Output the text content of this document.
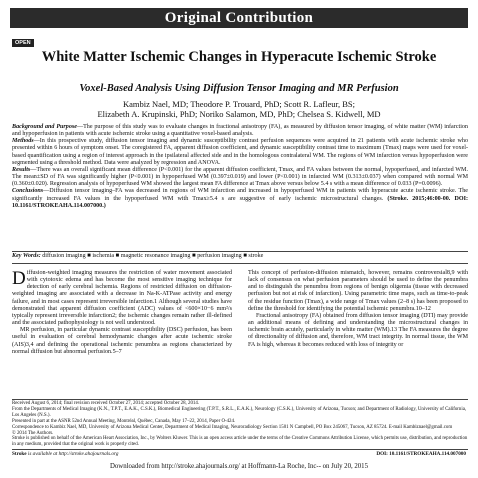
Original Contribution
OPEN
White Matter Ischemic Changes in Hyperacute Ischemic Stroke
Voxel-Based Analysis Using Diffusion Tensor Imaging and MR Perfusion
Kambiz Nael, MD; Theodore P. Trouard, PhD; Scott R. Lafleur, BS;
Elizabeth A. Krupinski, PhD; Noriko Salamon, MD, PhD; Chelsea S. Kidwell, MD

Background and Purpose—The purpose of this study was to evaluate changes in fractional anisotropy (FA), as measured by diffusion tensor imaging, of white matter (WM) infarction and hypoperfusion in patients with acute ischemic stroke using a quantitative voxel-based analysis.

Methods—In this prospective study, diffusion tensor imaging and dynamic susceptibility contrast perfusion sequences were acquired in 21 patients with acute ischemic stroke who presented within 6 hours of symptom onset. The coregistered FA, apparent diffusion coefficient, and dynamic susceptibility contrast time to maximum (Tmax) maps were used for voxel-based quantification using a region of interest approach in the ipsilateral affected side and in the homologous contralateral WM. The regions of WM infarction versus hypoperfusion were segmented using a threshold method. Data were analyzed by regression and ANOVA.

Results—There was an overall significant mean difference (P<0.001) for the apparent diffusion coefficient, Tmax, and FA values between the normal, hypoperfused, and infarcted WM. The mean±SD of FA was significantly higher (P<0.001) in hypoperfused WM (0.397±0.019) and lower (P<0.001) in infarcted WM (0.313±0.037) when compared with normal WM (0.360±0.020). Regression analysis of hypoperfused WM showed the largest mean FA difference at Tmax above versus below 5.4 s with a mean difference of 0.033 (P=0.0096).

Conclusions—Diffusion tensor imaging–FA was decreased in regions of WM infarction and increased in hypoperfused WM in patients with hyperacute acute ischemic stroke. The significantly increased FA values in the hypoperfused WM with Tmax≥5.4 s are suggestive of early ischemic microstructural changes. (Stroke. 2015;46:00-00. DOI: 10.1161/STROKEAHA.114.007000.)

Key Words: diffusion imaging ■ ischemia ■ magnetic resonance imaging ■ perfusion imaging ■ stroke

Diffusion-weighted imaging measures the restriction of water movement associated with cytotoxic edema and has become the most sensitive imaging technique for detection of early cerebral ischemia. Regions of restricted diffusion on diffusion-weighted imaging are associated with a decrease in Na-K-ATPase activity and energy failure, and in most cases represent irreversible infarction.1 Although several studies have demonstrated that apparent diffusion coefficient (ADC) values of <600×10−6 mm²/s typically represent irreversible infarction2; the ischemic changes remain rather ill-defined and the associated pathophysiology is not well understood.

MR perfusion, in particular dynamic contrast susceptibility (DSC) perfusion, has been useful in evaluation of cerebral hemodynamic changes after acute ischemic stroke (AIS)3,4 and defining the operational ischemic penumbra as regions characterized by normal diffusion but abnormal perfusion.5–7

This concept of perfusion-diffusion mismatch, however, remains controversial8,9 with lack of consensus on what perfusion parameters should be used to define the penumbra and to distinguish the penumbra from regions of benign oligemia (tissue with decreased perfusion but not at risk of infarction). Using parametric time maps, such as time-to-peak of the residue function (Tmax), a wide range of Tmax values (2–8 s) has been proposed to define the threshold for identifying the potential ischemic penumbra.10–12

Fractional anisotropy (FA) obtained from diffusion tensor imaging (DTI) may provide an additional means of defining and understanding the microstructural changes in ischemic brain acutely, particularly in white matter (WM).13 The FA measures the degree of directionality of diffusion and, therefore, WM tract integrity. In normal tissue, the WM FA is high, whereas it becomes reduced with loss of integrity or

Received August 6, 2014; final revision received October 27, 2014; accepted October 28, 2014.
From the Departments of Medical Imaging (K.N., T.P.T., E.A.K., C.S.K.), Biomedical Engineering (T.P.T., S.R.L., E.A.K.), Neurology (C.S.K.), University of Arizona, Tucson; and Department of Radiology, University of California, Los Angeles (N.S.).
Presented in part at the ASNR 52nd Annual Meeting, Montréal, Québec, Canada, May 17–22, 2014, Paper O-424.
Correspondence to Kambiz Nael, MD, University of Arizona Medical Center, Department of Medical Imaging, Neuroradiology Section 1501 N Campbell, PO Box 245067, Tucson, AZ 85724. E-mail Kambiznael@gmail.com
© 2014 The Authors.
Stroke is published on behalf of the American Heart Association, Inc., by Wolters Kluwer. This is an open access article under the terms of the Creative Commons Attribution License, which permits use, distribution, and reproduction in any medium, provided that the original work is properly cited.
Stroke is available at http://stroke.ahajournals.org	DOI: 10.1161/STROKEAHA.114.007000
Downloaded from http://stroke.ahajournals.org/ at Hoffmann-La Roche, Inc-- on July 20, 2015
